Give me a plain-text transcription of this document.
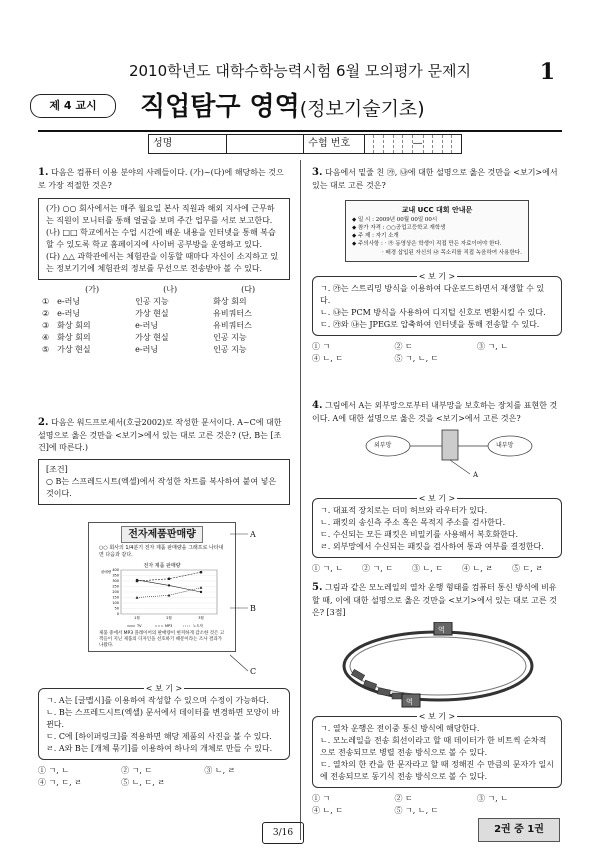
2010학년도 대학수학능력시험 6월 모의평가 문제지	1
제 4 교시	직업탐구 영역(정보기술기초)
성명	수험 번호	—
1. 다음은 컴퓨터 이용 분야의 사례들이다. (가)~(다)에 해당하는 것으로 가장 적절한 것은?
(가) ○○ 회사에서는 매주 월요일 본사 직원과 해외 지사에 근무하는 직원이 모니터를 통해 얼굴을 보며 주간 업무를 서로 보고한다.
(나) □□ 학교에서는 수업 시간에 배운 내용을 인터넷을 통해 복습할 수 있도록 학교 홈페이지에 사이버 공부방을 운영하고 있다.
(다) △△ 과학관에서는 체험관을 이동할 때마다 자신이 소지하고 있는 정보기기에 체험관의 정보를 무선으로 전송받아 볼 수 있다.
	(가)	(나)	(다)
①	e-러닝	인공 지능	화상 회의
②	e-러닝	가상 현실	유비쿼터스
③	화상 회의	e-러닝	유비쿼터스
④	화상 회의	가상 현실	인공 지능
⑤	가상 현실	e-러닝	인공 지능
2. 다음은 워드프로세서(호글2002)로 작성한 문서이다. A~C에 대한 설명으로 옳은 것만을 <보기>에서 있는 대로 고른 것은? (단, B는 [조건]에 따른다.)
[조건]
○ B는 스프레드시트(엑셀)에서 작성한 차트를 복사하여 붙여 넣은 것이다.
전자제품판매량
○○ 회사의 1/4분기 전자 제품 판매량을 그래프로 나타내면 다음과 같다.
전자 제품 판매량
판매량
0
50
100
150
200
250
300
350
400
1월	2월	3월
TV	MP3	노트북
제품 중에서 MP3 플레이어의 판매량이 현저하게 감소한 것은 고객들이 지닌 제품의 디자인을 선호하기 때문이라는 조사 결과가 나왔다.
A
B
C
< 보 기 >
ㄱ. A는 [글맵시]를 이용하여 작성할 수 있으며 수정이 가능하다.
ㄴ. B는 스프레드시트(엑셀) 문서에서 데이터를 변경하면 모양이 바뀐다.
ㄷ. C에 [하이퍼링크]를 적용하면 해당 제품의 사진을 볼 수 있다.
ㄹ. A와 B는 [개체 묶기]를 이용하여 하나의 개체로 만들 수 있다.
① ㄱ, ㄴ	② ㄱ, ㄷ	③ ㄴ, ㄹ
④ ㄱ, ㄷ, ㄹ	⑤ ㄴ, ㄷ, ㄹ
3. 다음에서 밑줄 친 ㉮, ㉯에 대한 설명으로 옳은 것만을 <보기>에서 있는 대로 고른 것은?
교내 UCC 대회 안내문
◆ 일 시 : 2009년 00월 00일 00시
◆ 참가 자격 : ○○공업고등학교 재학생
◆ 주 제 : 자기 소개
◆ 주의사항 : · ㉮ 동영상은 학생이 직접 만든 자료이어야 한다.
· 배경 삽입된 자신의 ㉯ 목소리를 직접 녹음하여 사용한다.
< 보 기 >
ㄱ. ㉮는 스트리밍 방식을 이용하여 다운로드하면서 재생할 수 있다.
ㄴ. ㉯는 PCM 방식을 사용하여 디지털 신호로 변환시킬 수 있다.
ㄷ. ㉮와 ㉯는 JPEG로 압축하여 인터넷을 통해 전송할 수 있다.
① ㄱ	② ㄷ	③ ㄱ, ㄴ
④ ㄴ, ㄷ	⑤ ㄱ, ㄴ, ㄷ
4. 그림에서 A는 외부망으로부터 내부망을 보호하는 장치를 표현한 것이다. A에 대한 설명으로 옳은 것을 <보기>에서 고른 것은?
외부망	내부망
A
< 보 기 >
ㄱ. 대표적 장치로는 더미 허브와 라우터가 있다.
ㄴ. 패킷의 송신측 주소 혹은 목적지 주소를 검사한다.
ㄷ. 수신되는 모든 패킷은 비밀키를 사용해서 복호화한다.
ㄹ. 외부망에서 수신되는 패킷을 검사하여 통과 여부를 결정한다.
① ㄱ, ㄴ	② ㄱ, ㄷ	③ ㄴ, ㄷ	④ ㄴ, ㄹ	⑤ ㄷ, ㄹ
5. 그림과 같은 모노레일의 열차 운행 형태를 컴퓨터 통신 방식에 비유할 때, 이에 대한 설명으로 옳은 것만을 <보기>에서 있는 대로 고른 것은? [3점]
역
역
< 보 기 >
ㄱ. 열차 운행은 전이중 통신 방식에 해당한다.
ㄴ. 모노레일을 전송 회선이라고 할 때 데이터가 한 비트씩 순차적으로 전송되므로 병렬 전송 방식으로 볼 수 있다.
ㄷ. 열차의 한 칸을 한 문자라고 할 때 정해진 수 만큼의 문자가 일시에 전송되므로 동기식 전송 방식으로 볼 수 있다.
① ㄱ	② ㄷ	③ ㄱ, ㄴ
④ ㄴ, ㄷ	⑤ ㄱ, ㄴ, ㄷ
3/16	2권 중 1권
